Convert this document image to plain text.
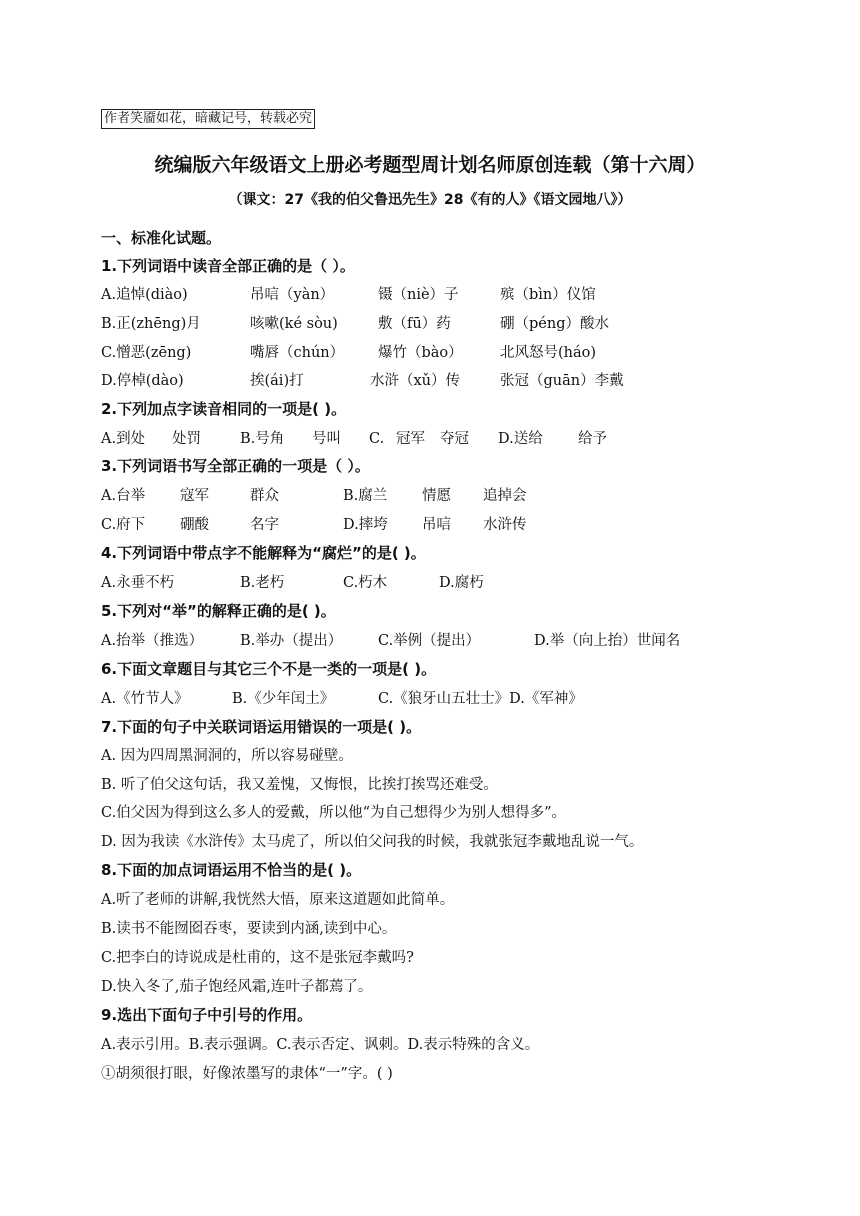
作者笑靥如花，暗藏记号，转载必究
统编版六年级语文上册必考题型周计划名师原创连载（第十六周）
（课文：27《我的伯父鲁迅先生》28《有的人》《语文园地八》）
一、标准化试题。
1.下列词语中读音全部正确的是（ ）。
A.追悼(diào)	吊唁（yàn）	镊（niè）子	殡（bìn）仪馆
B.正(zhēng)月	咳嗽(ké sòu)	敷（fū）药	硼（péng）酸水
C.憎恶(zēng)	嘴唇（chún） 爆竹（bào）	北风怒号(háo)
D.停棹(dào)	挨(ái)打	水浒（xǔ）传	张冠（guān）李戴
2.下列加点字读音相同的一项是( )。
A.到处 处罚	B.号角 号叫 C. 冠军 夺冠 D.送给 给予
3.下列词语书写全部正确的一项是（ ）。
A.台举 寇军	群众	B.腐兰 情愿 追掉会
C.府下 硼酸	名字	D.摔垮 吊唁 水浒传
4.下列词语中带点字不能解释为“腐烂”的是( )。
A.永垂不朽	B.老朽	C.朽木	D.腐朽
5.下列对“举”的解释正确的是( )。
A.抬举（推选）	B.举办（提出） C.举例（提出）	D.举（向上抬）世闻名
6.下面文章题目与其它三个不是一类的一项是( )。
A.《竹节人》	B.《少年闰土》	C.《狼牙山五壮士》D.《军神》
7.下面的句子中关联词语运用错误的一项是( )。
A. 因为四周黑洞洞的，所以容易碰壁。
B. 听了伯父这句话，我又羞愧，又悔恨，比挨打挨骂还难受。
C.伯父因为得到这么多人的爱戴，所以他“为自己想得少为别人想得多”。
D. 因为我读《水浒传》太马虎了，所以伯父问我的时候，我就张冠李戴地乱说一气。
8.下面的加点词语运用不恰当的是( )。
A.听了老师的讲解,我恍然大悟，原来这道题如此简单。
B.读书不能囫囵吞枣，要读到内涵,读到中心。
C.把李白的诗说成是杜甫的，这不是张冠李戴吗?
D.快入冬了,茄子饱经风霜,连叶子都蔫了。
9.选出下面句子中引号的作用。
A.表示引用。B.表示强调。C.表示否定、讽刺。D.表示特殊的含义。
①胡须很打眼，好像浓墨写的隶体“一”字。( )
